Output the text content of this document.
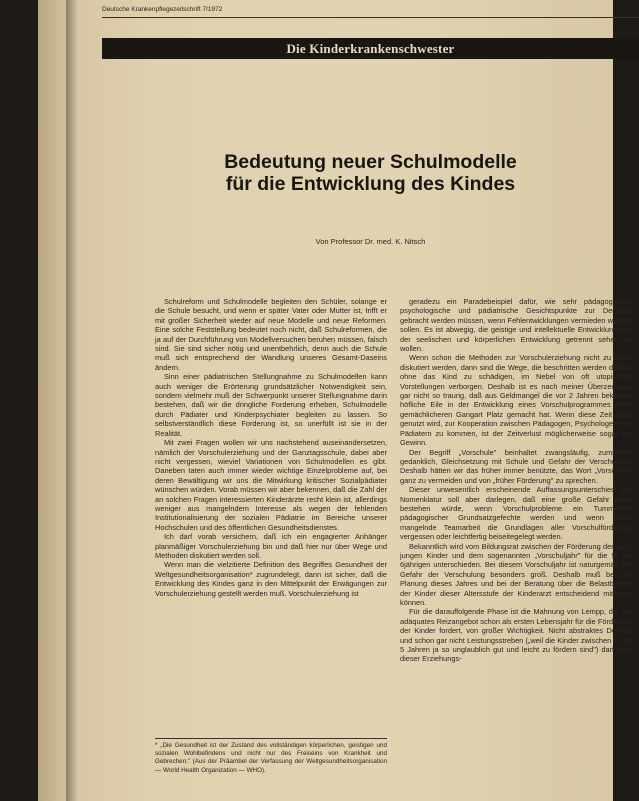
Deutsche Krankenpflegezeitschrift 7/1972	379
Die Kinderkrankenschwester
Bedeutung neuer Schulmodelle
für die Entwicklung des Kindes
Von Professor Dr. med. K. Nitsch

Schulreform und Schulmodelle begleiten den Schüler, solange er die Schule besucht, und wenn er später Vater oder Mutter ist, trifft er mit großer Sicherheit wieder auf neue Modelle und neue Reformen. Eine solche Feststellung bedeutet noch nicht, daß Schulreformen, die ja auf der Durchführung von Modellversuchen beruhen müssen, falsch sind. Sie sind sicher nötig und unentbehrlich, denn auch die Schule muß sich entsprechend der Wandlung unseres Gesamt-Daseins ändern.

Sinn einer pädiatrischen Stellungnahme zu Schulmodellen kann auch weniger die Erörterung grundsätzlicher Notwendigkeit sein, sondern vielmehr muß der Schwerpunkt unserer Stellungnahme darin bestehen, daß wir die dringliche Forderung erheben, Schulmodelle durch Pädiater und Kinderpsychiater begleiten zu lassen. So selbstverständlich diese Forderung ist, so unerfüllt ist sie in der Realität.

Mit zwei Fragen wollen wir uns nachstehend auseinandersetzen, nämlich der Vorschulerziehung und der Ganztagsschule, dabei aber nicht vergessen, wieviel Variationen von Schulmodellen es gibt. Daneben taten auch immer wieder wichtige Einzelprobleme auf, bei deren Bewältigung wir uns die Mitwirkung kritischer Sozialpädiater wünschen würden. Vorab müssen wir aber bekennen, daß die Zahl der an solchen Fragen interessierten Kinderärzte recht klein ist, allerdings weniger aus mangelndem Interesse als wegen der fehlenden Institutionalisierung der sozialen Pädiatrie im Bereiche unserer Hochschulen und des öffentlichen Gesundheitsdienstes.

Ich darf vorab versichern, daß ich ein engagierter Anhänger planmäßiger Vorschulerziehung bin und daß hier nur über Wege und Methoden diskutiert werden soll.

Wenn man die vielzitierte Definition des Begriffes Gesundheit der Weltgesundheitsorganisation* zugrundelegt, dann ist sicher, daß die Entwicklung des Kindes ganz in den Mittelpunkt der Erwägungen zur Vorschulerziehung gestellt werden muß. Vorschulerziehung ist

geradezu ein Paradebeispiel dafür, wie sehr pädagogische, psychologische und pädiatrische Gesichtspunkte zur Deckung gebracht werden müssen, wenn Fehlentwicklungen vermieden werden sollen. Es ist abwegig, die geistige und intellektuelle Entwicklung von der seelischen und körperlichen Entwicklung getrennt sehen zu wollen.

Wenn schon die Methoden zur Vorschulerziehung nicht zu Ende diskutiert werden, dann sind die Wege, die beschritten werden dürfen, ohne das Kind zu schädigen, im Nebel von oft utopischen Vorstellungen verborgen. Deshalb ist es nach meiner Überzeugung gar nicht so traurig, daß aus Geldmangel die vor 2 Jahren bekannte höfliche Eile in der Entwicklung eines Vorschulprogrammes einer gemächlicheren Gangart Platz gemacht hat. Wenn diese Zeit dazu genutzt wird, zur Kooperation zwischen Pädagogen, Psychologen und Pädiatern zu kommen, ist der Zeitverlust möglicherweise sogar ein Gewinn.

Der Begriff „Vorschule" beinhaltet zwangsläufig, zumindest gedanklich, Gleichsetzung mit Schule und Gefahr der Verschulung. Deshalb hätten wir das früher immer benützte, das Wort „Vorschule" ganz zu vermeiden und von „früher Förderung" zu sprechen.

Dieser unwesentlich erscheinende Auffassungsunterschied zur Nomenklatur soll aber darlegen, daß eine große Gefahr darin bestehen würde, wenn Vorschulprobleme ein Tummelfeld pädagogischer Grundsatzgefechte werden und wenn durch mangelnde Teamarbeit die Grundlagen aller Vorschulförderung vergessen oder leichtfertig beiseitegelegt werden.

Bekanntlich wird vom Bildungsrat zwischen der Förderung der ganz jungen Kinder und dem sogenannten „Vorschuljahr" für die 5- bis 6jährigen unterschieden. Bei diesem Vorschuljahr ist naturgemäß die Gefahr der Verschulung besonders groß. Deshalb muß bei der Planung dieses Jahres und bei der Beratung über die Belastbarkeit der Kinder dieser Altersstufe der Kinderarzt entscheidend mitreden können.

Für die darauffolgende Phase ist die Mahnung von Lempp, der ein adäquates Reizangebot schon als ersten Lebensjahr für die Förderung der Kinder fordert, von großer Wichtigkeit. Nicht abstraktes Denken und schon gar nicht Leistungsstreben („weil die Kinder zwischen 2 und 5 Jahren ja so unglaublich gut und leicht zu fördern sind") darf über dieser Erziehungs-

* „Die Gesundheit ist der Zustand des vollständigen körperlichen, geistigen und sozialen Wohlbefindens und nicht nur des Freiseins von Krankheit und Gebrechen." (Aus der Präambel der Verfassung der Weltgesundheitsorganisation — World Health Organization — WHO).
